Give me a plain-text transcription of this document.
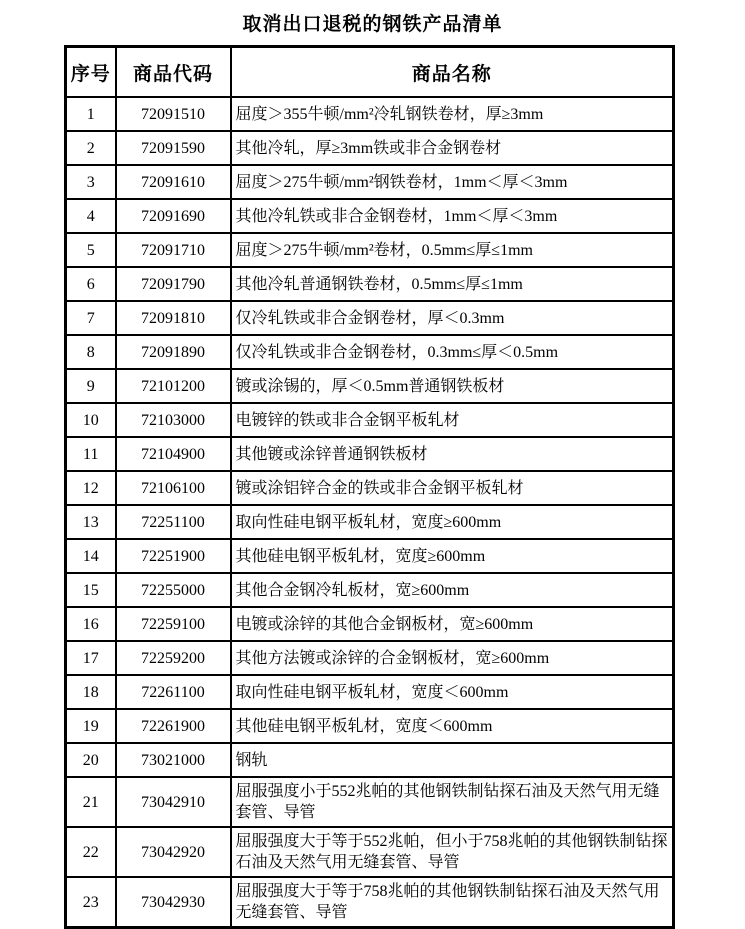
取消出口退税的钢铁产品清单
序号	商品代码	商品名称
1	72091510	屈度＞355牛顿/mm²冷轧钢铁卷材，厚≥3mm
2	72091590	其他冷轧，厚≥3mm铁或非合金钢卷材
3	72091610	屈度＞275牛顿/mm²钢铁卷材，1mm＜厚＜3mm
4	72091690	其他冷轧铁或非合金钢卷材，1mm＜厚＜3mm
5	72091710	屈度＞275牛顿/mm²卷材，0.5mm≤厚≤1mm
6	72091790	其他冷轧普通钢铁卷材，0.5mm≤厚≤1mm
7	72091810	仅冷轧铁或非合金钢卷材，厚＜0.3mm
8	72091890	仅冷轧铁或非合金钢卷材，0.3mm≤厚＜0.5mm
9	72101200	镀或涂锡的，厚＜0.5mm普通钢铁板材
10	72103000	电镀锌的铁或非合金钢平板轧材
11	72104900	其他镀或涂锌普通钢铁板材
12	72106100	镀或涂铝锌合金的铁或非合金钢平板轧材
13	72251100	取向性硅电钢平板轧材，宽度≥600mm
14	72251900	其他硅电钢平板轧材，宽度≥600mm
15	72255000	其他合金钢冷轧板材，宽≥600mm
16	72259100	电镀或涂锌的其他合金钢板材，宽≥600mm
17	72259200	其他方法镀或涂锌的合金钢板材，宽≥600mm
18	72261100	取向性硅电钢平板轧材，宽度＜600mm
19	72261900	其他硅电钢平板轧材，宽度＜600mm
20	73021000	钢轨
21	73042910	屈服强度小于552兆帕的其他钢铁制钻探石油及天然气用无缝套管、导管
22	73042920	屈服强度大于等于552兆帕，但小于758兆帕的其他钢铁制钻探石油及天然气用无缝套管、导管
23	73042930	屈服强度大于等于758兆帕的其他钢铁制钻探石油及天然气用无缝套管、导管
